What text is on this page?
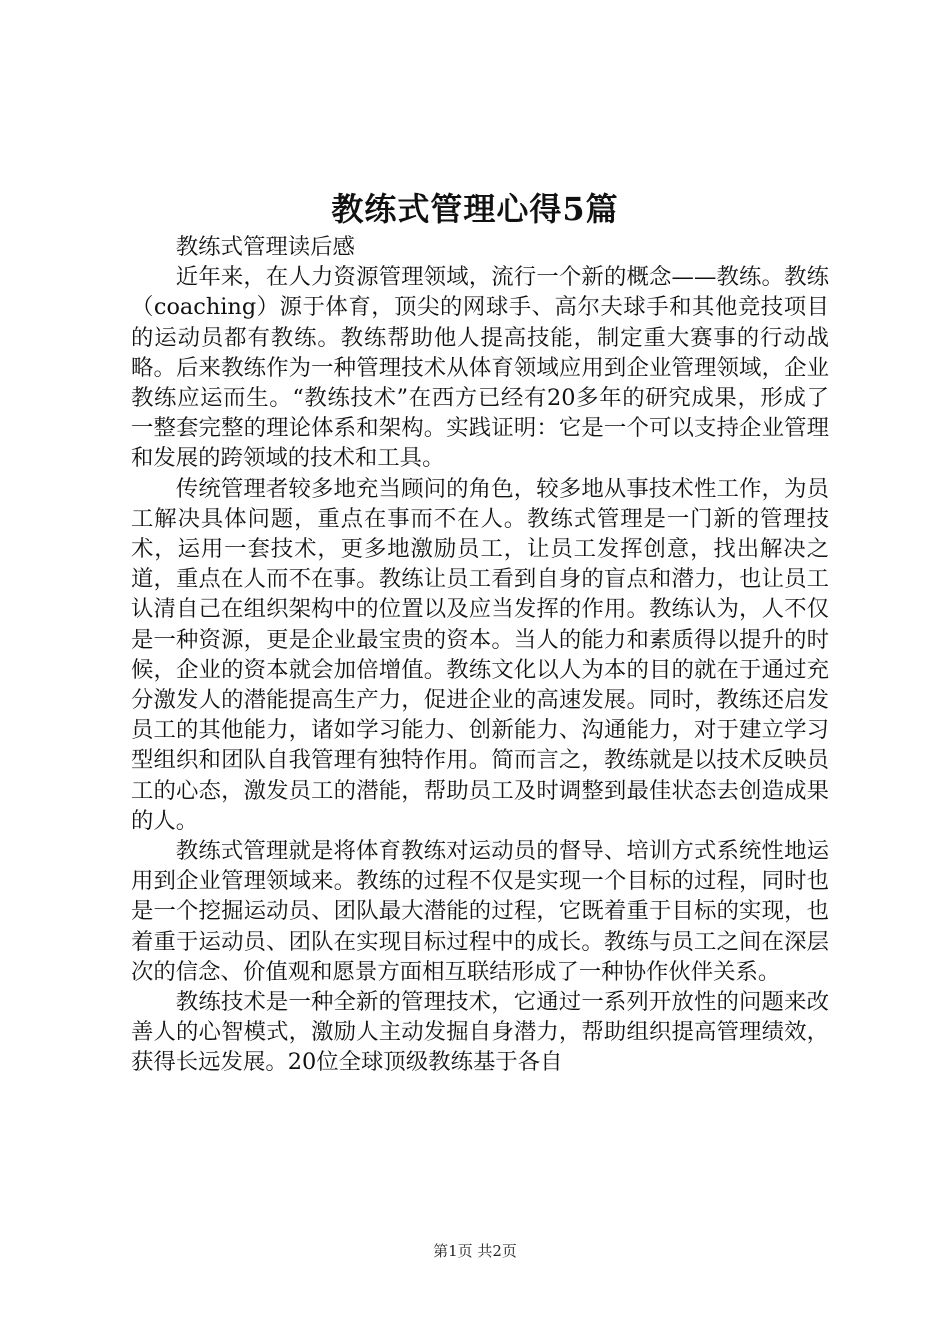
教练式管理心得5篇

教练式管理读后感

近年来，在人力资源管理领域，流行一个新的概念——教练。教练（coaching）源于体育，顶尖的网球手、高尔夫球手和其他竞技项目的运动员都有教练。教练帮助他人提高技能，制定重大赛事的行动战略。后来教练作为一种管理技术从体育领域应用到企业管理领域，企业教练应运而生。“教练技术”在西方已经有20多年的研究成果，形成了一整套完整的理论体系和架构。实践证明：它是一个可以支持企业管理和发展的跨领域的技术和工具。

传统管理者较多地充当顾问的角色，较多地从事技术性工作，为员工解决具体问题，重点在事而不在人。教练式管理是一门新的管理技术，运用一套技术，更多地激励员工，让员工发挥创意，找出解决之道，重点在人而不在事。教练让员工看到自身的盲点和潜力，也让员工认清自己在组织架构中的位置以及应当发挥的作用。教练认为，人不仅是一种资源，更是企业最宝贵的资本。当人的能力和素质得以提升的时候，企业的资本就会加倍增值。教练文化以人为本的目的就在于通过充分激发人的潜能提高生产力，促进企业的高速发展。同时，教练还启发员工的其他能力，诸如学习能力、创新能力、沟通能力，对于建立学习型组织和团队自我管理有独特作用。简而言之，教练就是以技术反映员工的心态，激发员工的潜能，帮助员工及时调整到最佳状态去创造成果的人。

教练式管理就是将体育教练对运动员的督导、培训方式系统性地运用到企业管理领域来。教练的过程不仅是实现一个目标的过程，同时也是一个挖掘运动员、团队最大潜能的过程，它既着重于目标的实现，也着重于运动员、团队在实现目标过程中的成长。教练与员工之间在深层次的信念、价值观和愿景方面相互联结形成了一种协作伙伴关系。

教练技术是一种全新的管理技术，它通过一系列开放性的问题来改善人的心智模式，激励人主动发掘自身潜力，帮助组织提高管理绩效，获得长远发展。20位全球顶级教练基于各自

第1页 共2页
